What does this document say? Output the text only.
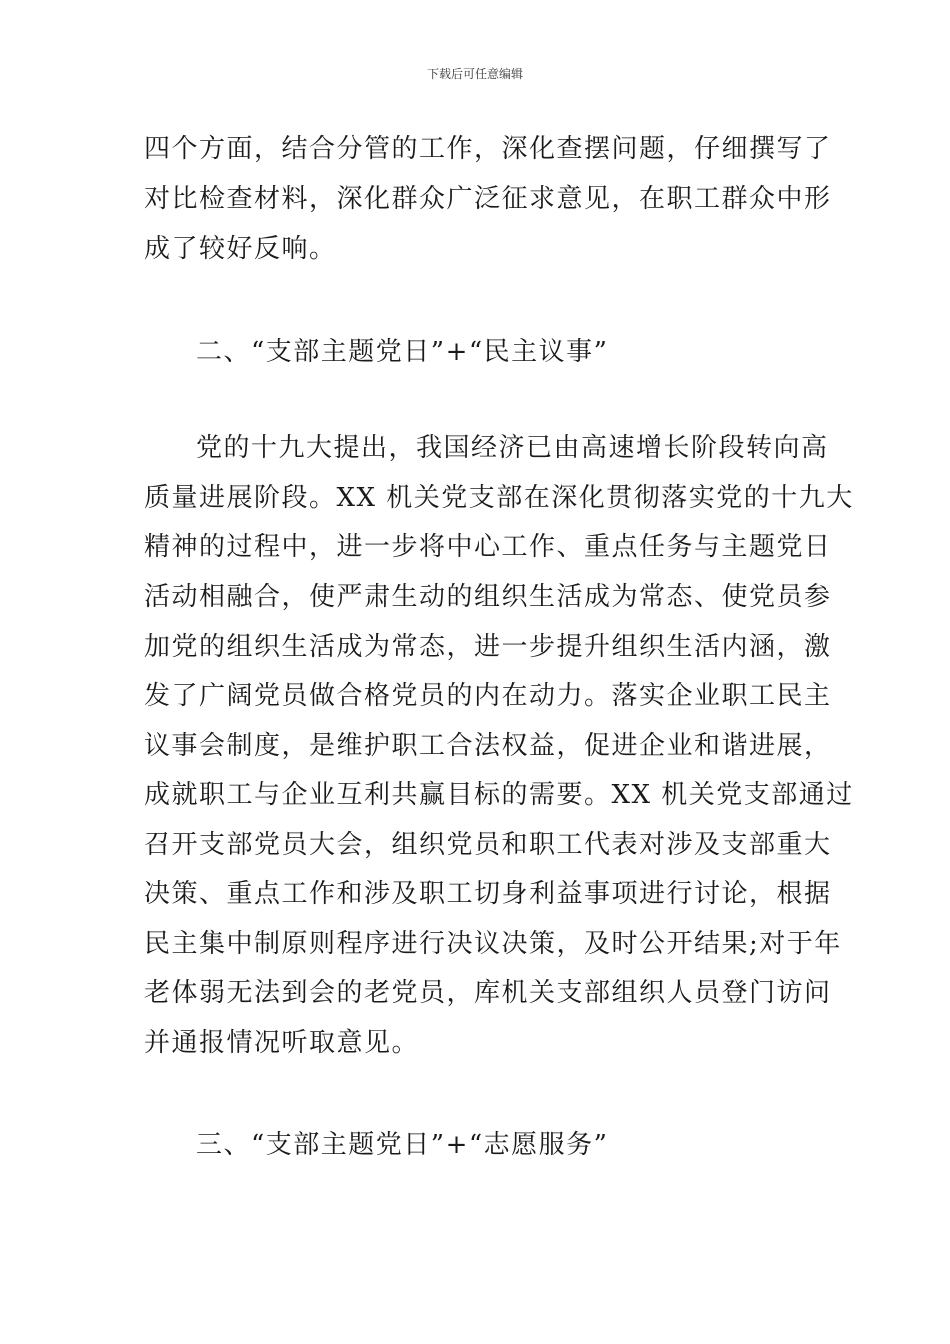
下载后可任意编辑
四个方面，结合分管的工作，深化查摆问题，仔细撰写了
对比检查材料，深化群众广泛征求意见，在职工群众中形
成了较好反响。
二、“支部主题党日”+“民主议事”
党的十九大提出，我国经济已由高速增长阶段转向高
质量进展阶段。XX 机关党支部在深化贯彻落实党的十九大
精神的过程中，进一步将中心工作、重点任务与主题党日
活动相融合，使严肃生动的组织生活成为常态、使党员参
加党的组织生活成为常态，进一步提升组织生活内涵，激
发了广阔党员做合格党员的内在动力。落实企业职工民主
议事会制度，是维护职工合法权益，促进企业和谐进展，
成就职工与企业互利共赢目标的需要。XX 机关党支部通过
召开支部党员大会，组织党员和职工代表对涉及支部重大
决策、重点工作和涉及职工切身利益事项进行讨论，根据
民主集中制原则程序进行决议决策，及时公开结果;对于年
老体弱无法到会的老党员，库机关支部组织人员登门访问
并通报情况听取意见。
三、“支部主题党日”+“志愿服务”
